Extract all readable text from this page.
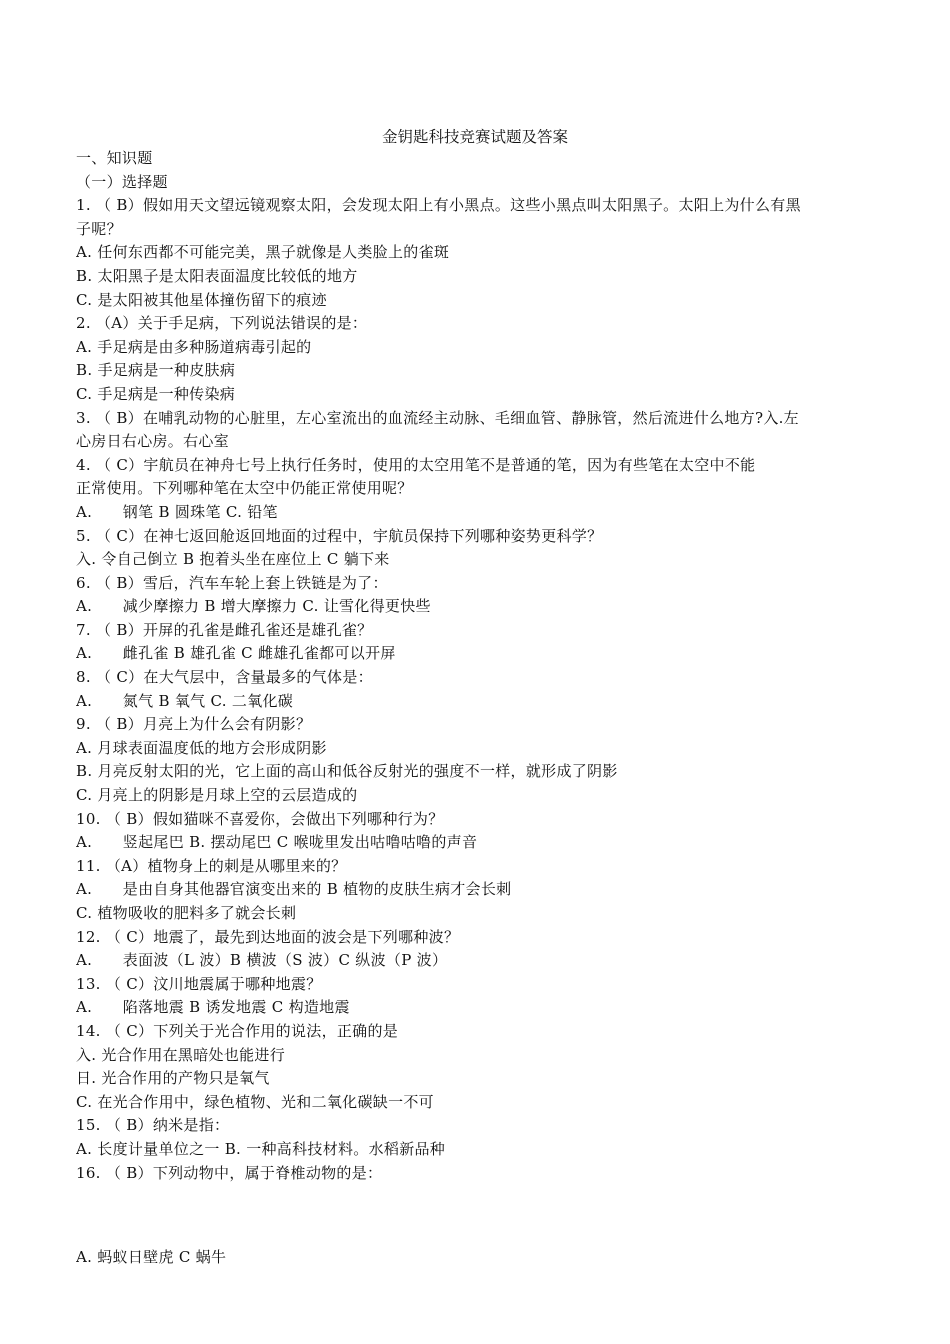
金钥匙科技竞赛试题及答案
一、知识题
（一）选择题
1. （ B）假如用天文望远镜观察太阳，会发现太阳上有小黑点。这些小黑点叫太阳黑子。太阳上为什么有黑
子呢？
A. 任何东西都不可能完美，黑子就像是人类脸上的雀斑
B. 太阳黑子是太阳表面温度比较低的地方
C. 是太阳被其他星体撞伤留下的痕迹
2. （A）关于手足病，下列说法错误的是：
A. 手足病是由多种肠道病毒引起的
B. 手足病是一种皮肤病
C. 手足病是一种传染病
3. （ B）在哺乳动物的心脏里，左心室流出的血流经主动脉、毛细血管、静脉管，然后流进什么地方?入.左
心房日右心房。右心室
4. （ C）宇航员在神舟七号上执行任务时，使用的太空用笔不是普通的笔，因为有些笔在太空中不能
正常使用。下列哪种笔在太空中仍能正常使用呢？
A.　　钢笔 B 圆珠笔 C. 铅笔
5. （ C）在神七返回舱返回地面的过程中，宇航员保持下列哪种姿势更科学？
入. 令自己倒立 B 抱着头坐在座位上 C 躺下来
6. （ B）雪后，汽车车轮上套上铁链是为了：
A.　　减少摩擦力 B 增大摩擦力 C. 让雪化得更快些
7. （ B）开屏的孔雀是雌孔雀还是雄孔雀？
A.　　雌孔雀 B 雄孔雀 C 雌雄孔雀都可以开屏
8. （ C）在大气层中，含量最多的气体是：
A.　　氮气 B 氧气 C. 二氧化碳
9. （ B）月亮上为什么会有阴影？
A. 月球表面温度低的地方会形成阴影
B. 月亮反射太阳的光，它上面的高山和低谷反射光的强度不一样，就形成了阴影
C. 月亮上的阴影是月球上空的云层造成的
10. （ B）假如猫咪不喜爱你，会做出下列哪种行为？
A.　　竖起尾巴 B. 摆动尾巴 C 喉咙里发出咕噜咕噜的声音
11. （A）植物身上的刺是从哪里来的？
A.　　是由自身其他器官演变出来的 B 植物的皮肤生病才会长刺
C. 植物吸收的肥料多了就会长刺
12. （ C）地震了，最先到达地面的波会是下列哪种波？
A.　　表面波（L 波）B 横波（S 波）C 纵波（P 波）
13. （ C）汶川地震属于哪种地震？
A.　　陷落地震 B 诱发地震 C 构造地震
14. （ C）下列关于光合作用的说法，正确的是
入. 光合作用在黑暗处也能进行
日. 光合作用的产物只是氧气
C. 在光合作用中，绿色植物、光和二氧化碳缺一不可
15. （ B）纳米是指：
A. 长度计量单位之一 B. 一种高科技材料。水稻新品种
16. （ B）下列动物中，属于脊椎动物的是：
A. 蚂蚁日壁虎 C 蜗牛
